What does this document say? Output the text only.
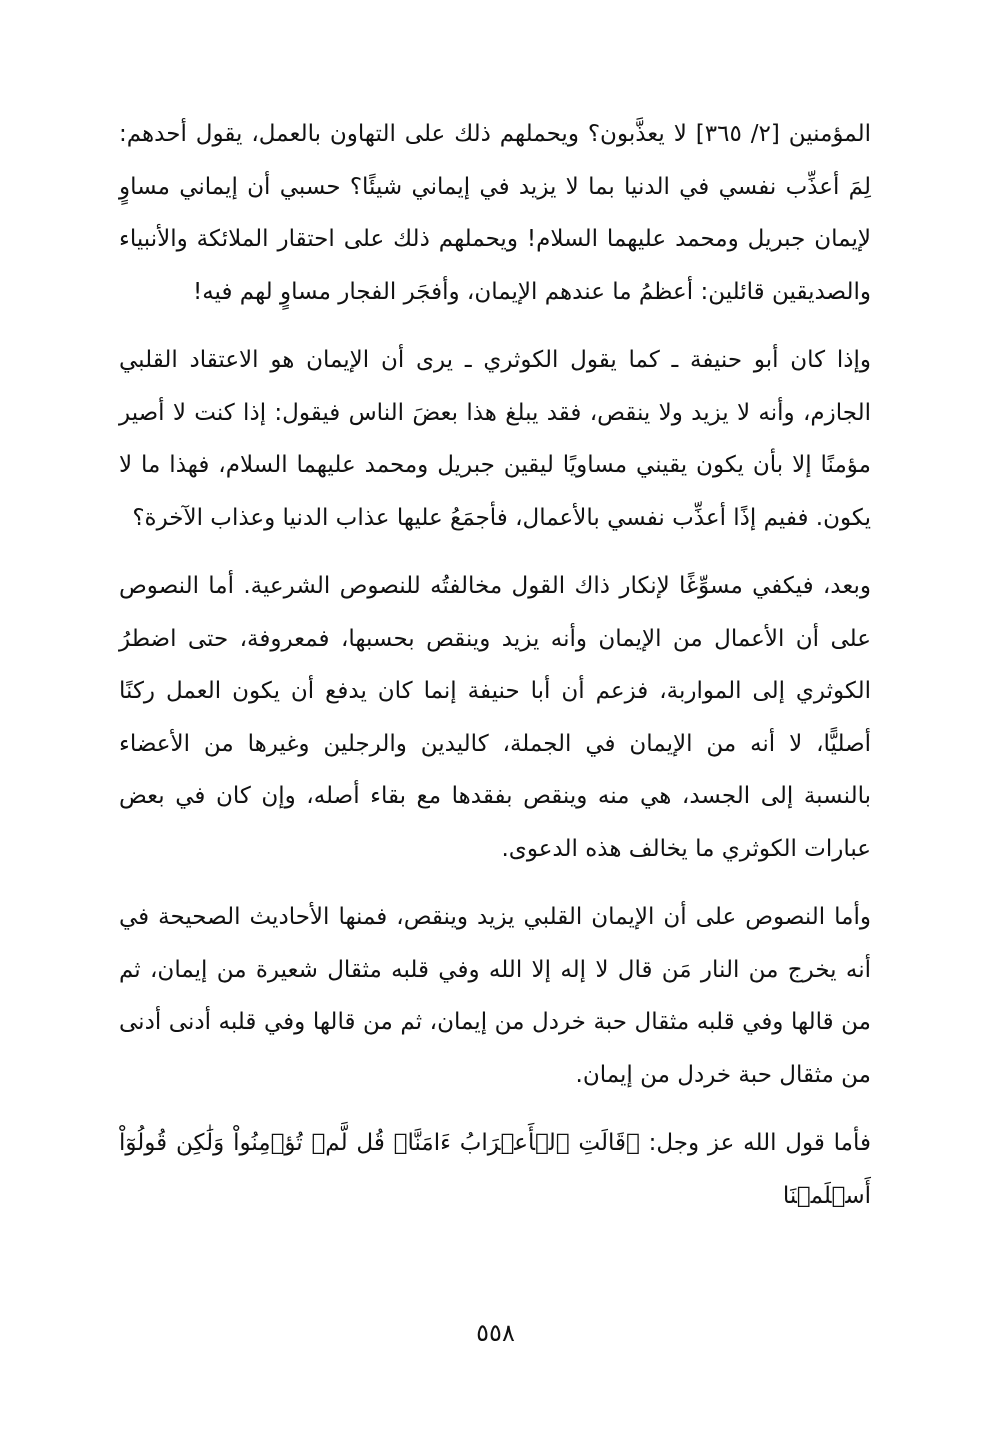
المؤمنين [٢/ ٣٦٥] لا يعذَّبون؟ ويحملهم ذلك على التهاون بالعمل، يقول أحدهم: لِمَ أعذِّب نفسي في الدنيا بما لا يزيد في إيماني شيئًا؟ حسبي أن إيماني مساوٍ لإيمان جبريل ومحمد عليهما السلام! ويحملهم ذلك على احتقار الملائكة والأنبياء والصديقين قائلين: أعظمُ ما عندهم الإيمان، وأفجَر الفجار مساوٍ لهم فيه!

وإذا كان أبو حنيفة ـ كما يقول الكوثري ـ يرى أن الإيمان هو الاعتقاد القلبي الجازم، وأنه لا يزيد ولا ينقص، فقد يبلغ هذا بعضَ الناس فيقول: إذا كنت لا أصير مؤمنًا إلا بأن يكون يقيني مساويًا ليقين جبريل ومحمد عليهما السلام، فهذا ما لا يكون. ففيم إذًا أعذِّب نفسي بالأعمال، فأجمَعُ عليها عذاب الدنيا وعذاب الآخرة؟

وبعد، فيكفي مسوِّغًا لإنكار ذاك القول مخالفتُه للنصوص الشرعية. أما النصوص على أن الأعمال من الإيمان وأنه يزيد وينقص بحسبها، فمعروفة، حتى اضطرُ الكوثري إلى المواربة، فزعم أن أبا حنيفة إنما كان يدفع أن يكون العمل ركنًا أصليًّا، لا أنه من الإيمان في الجملة، كاليدين والرجلين وغيرها من الأعضاء بالنسبة إلى الجسد، هي منه وينقص بفقدها مع بقاء أصله، وإن كان في بعض عبارات الكوثري ما يخالف هذه الدعوى.

وأما النصوص على أن الإيمان القلبي يزيد وينقص، فمنها الأحاديث الصحيحة في أنه يخرج من النار مَن قال لا إله إلا الله وفي قلبه مثقال شعيرة من إيمان، ثم من قالها وفي قلبه مثقال حبة خردل من إيمان، ثم من قالها وفي قلبه أدنى أدنى من مثقال حبة خردل من إيمان.

فأما قول الله عز وجل: ﴿قَالَتِ ٱلۡأَعۡرَابُ ءَامَنَّاۖ قُل لَّمۡ تُؤۡمِنُواْ وَلَٰكِن قُولُوٓاْ أَسۡلَمۡنَا

٥٥٨
